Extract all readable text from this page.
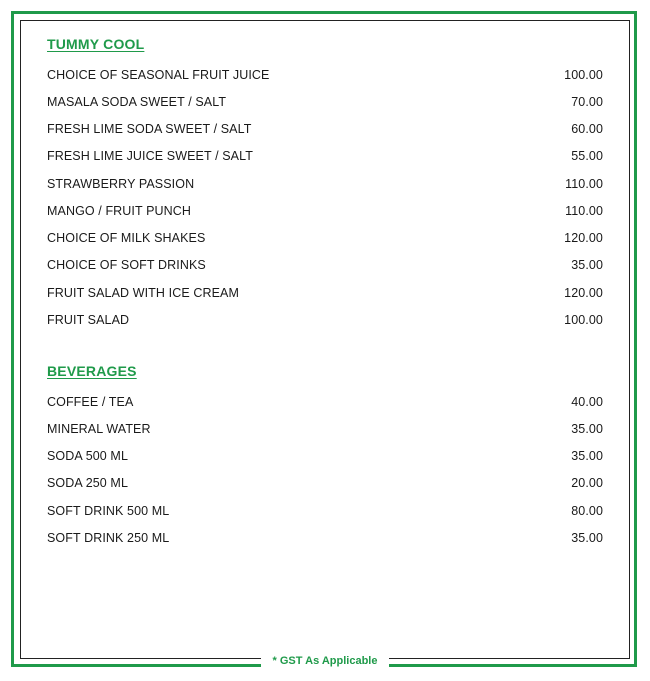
TUMMY COOL
CHOICE OF SEASONAL FRUIT JUICE	100.00
MASALA SODA SWEET / SALT	70.00
FRESH LIME SODA SWEET / SALT	60.00
FRESH LIME JUICE SWEET / SALT	55.00
STRAWBERRY PASSION	110.00
MANGO / FRUIT PUNCH	110.00
CHOICE OF MILK SHAKES	120.00
CHOICE OF SOFT DRINKS	35.00
FRUIT SALAD WITH ICE CREAM	120.00
FRUIT SALAD	100.00
BEVERAGES
COFFEE / TEA	40.00
MINERAL WATER	35.00
SODA 500 ML	35.00
SODA 250 ML	20.00
SOFT DRINK 500 ML	80.00
SOFT DRINK 250 ML	35.00
* GST As Applicable
